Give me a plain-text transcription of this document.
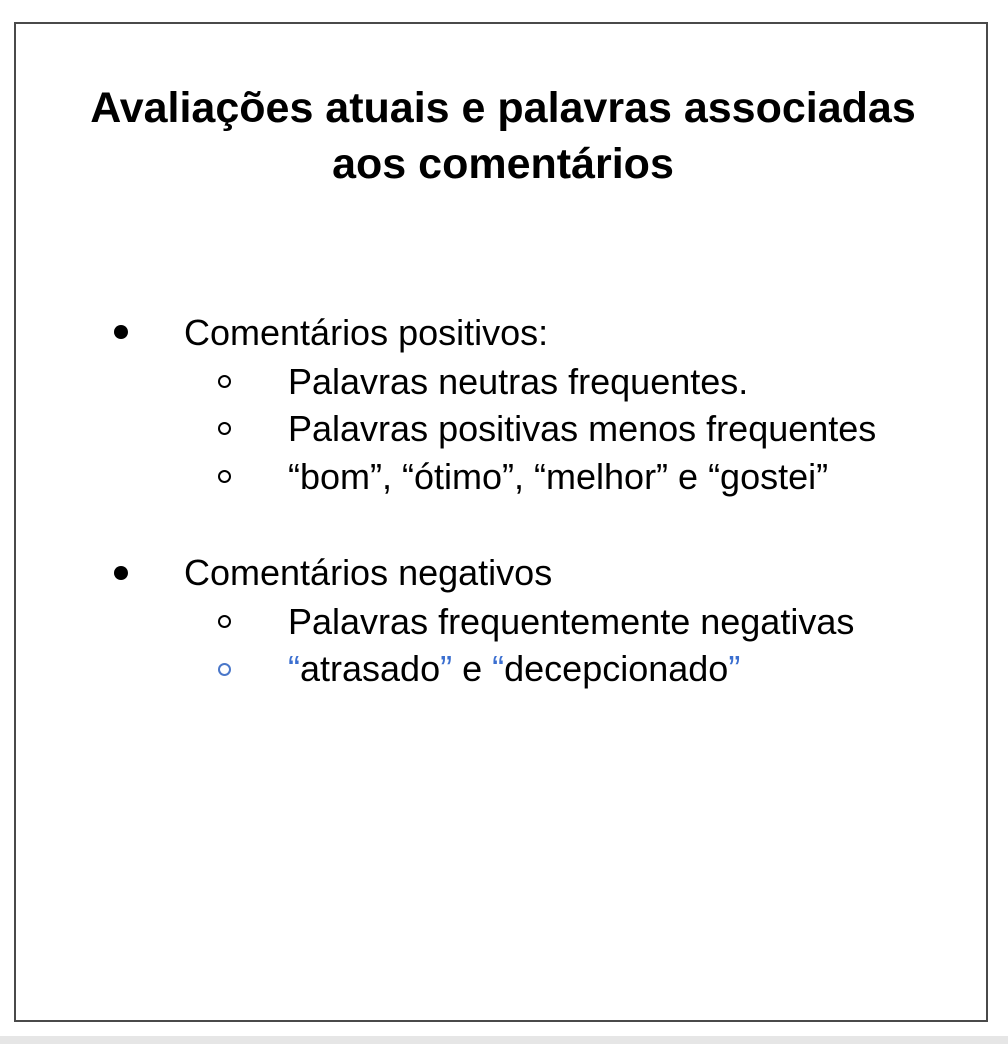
Avaliações atuais e palavras associadas
aos comentários
Comentários positivos:
Palavras neutras frequentes.
Palavras positivas menos frequentes
“bom”, “ótimo”, “melhor” e “gostei”
Comentários negativos
Palavras frequentemente negativas
“atrasado” e “decepcionado”
